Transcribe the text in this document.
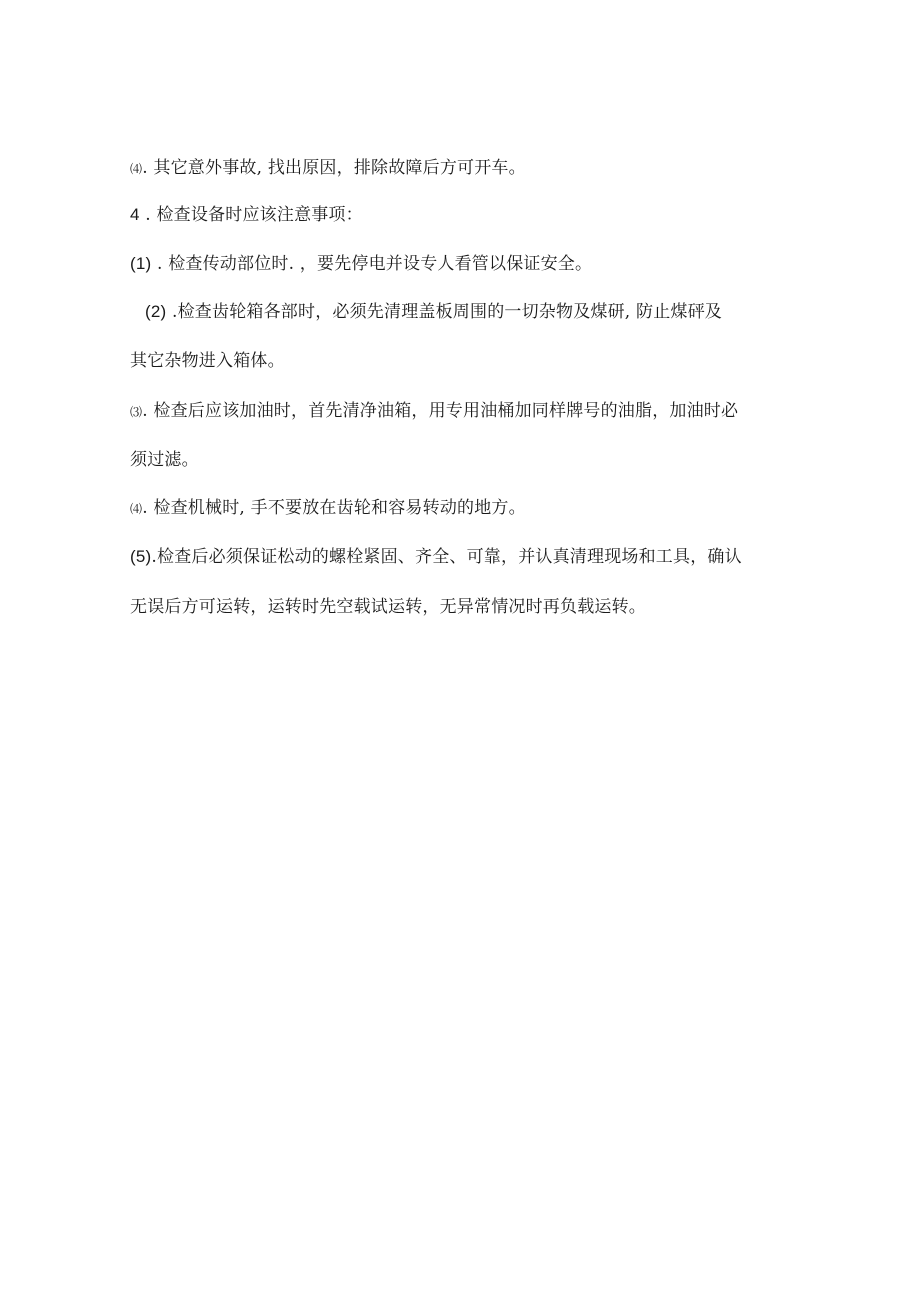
⑷. 其它意外事故, 找出原因，排除故障后方可开车。
4 . 检查设备时应该注意事项：
(1) . 检查传动部位时. ，要先停电并设专人看管以保证安全。
(2) .检查齿轮箱各部时，必须先清理盖板周围的一切杂物及煤研, 防止煤砰及
其它杂物进入箱体。
⑶. 检查后应该加油时，首先清净油箱，用专用油桶加同样牌号的油脂，加油时必
须过滤。
⑷. 检查机械时, 手不要放在齿轮和容易转动的地方。
(5).检查后必须保证松动的螺栓紧固、齐全、可靠，并认真清理现场和工具，确认
无误后方可运转，运转时先空载试运转，无异常情况时再负载运转。
